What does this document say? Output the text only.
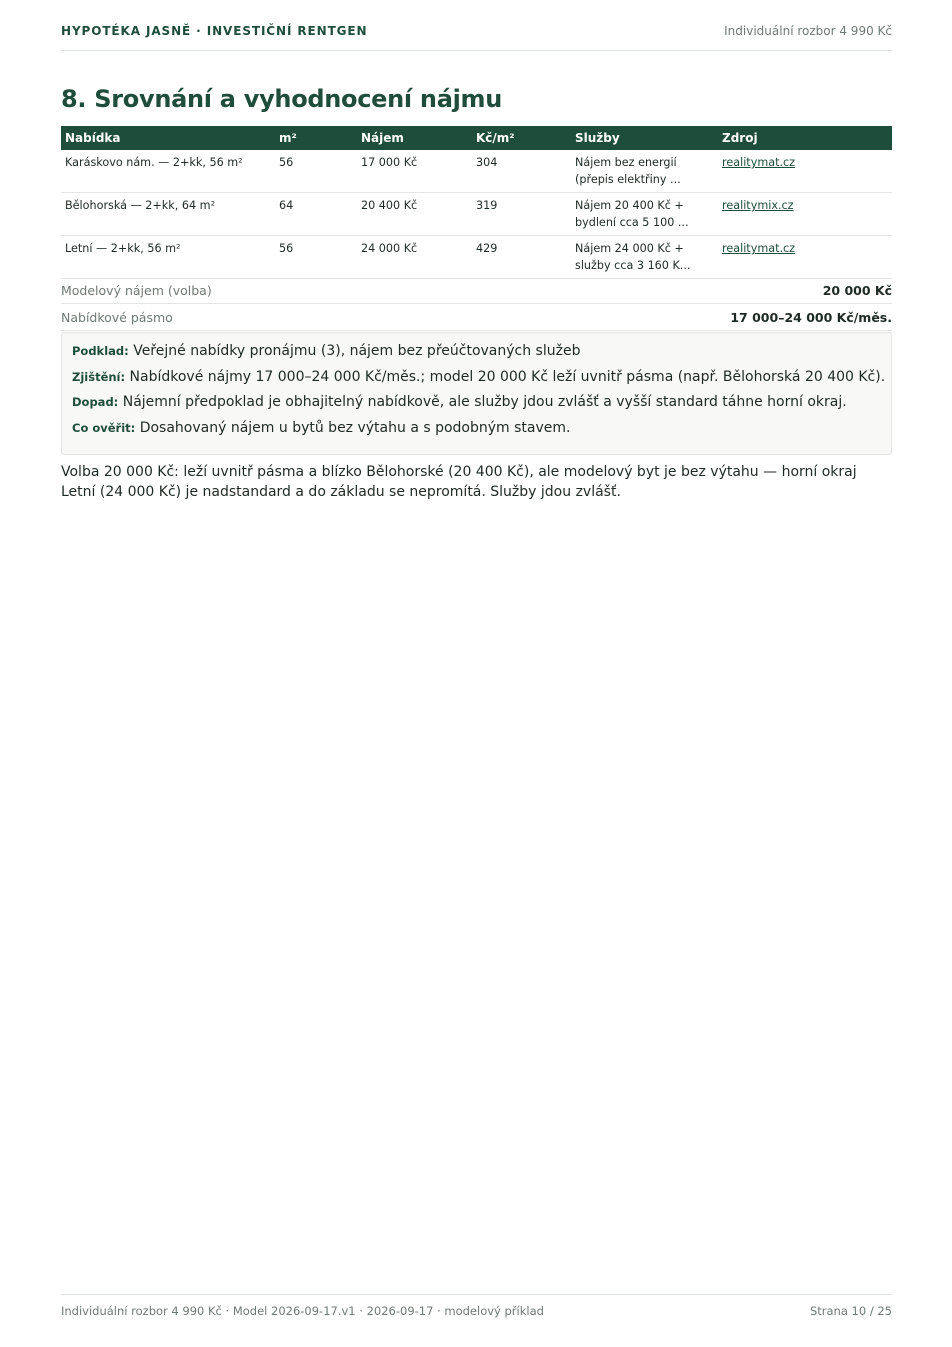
HYPOTÉKA JASNĚ · INVESTIČNÍ RENTGEN	Individuální rozbor 4 990 Kč
8. Srovnání a vyhodnocení nájmu
Nabídka	m²	Nájem	Kč/m²	Služby	Zdroj

Karáskovo nám. — 2+kk, 56 m²	56	17 000 Kč	304	Nájem bez energií (přepis elektřiny ...	realitymat.cz

Bělohorská — 2+kk, 64 m²	64	20 400 Kč	319	Nájem 20 400 Kč + bydlení cca 5 100 ...	realitymix.cz

Letní — 2+kk, 56 m²	56	24 000 Kč	429	Nájem 24 000 Kč + služby cca 3 160 K...	realitymat.cz
Modelový nájem (volba)	20 000 Kč
Nabídkové pásmo	17 000–24 000 Kč/měs.
Podklad: Veřejné nabídky pronájmu (3), nájem bez přeúčtovaných služeb
Zjištění: Nabídkové nájmy 17 000–24 000 Kč/měs.; model 20 000 Kč leží uvnitř pásma (např. Bělohorská 20 400 Kč).
Dopad: Nájemní předpoklad je obhajitelný nabídkově, ale služby jdou zvlášť a vyšší standard táhne horní okraj.
Co ověřit: Dosahovaný nájem u bytů bez výtahu a s podobným stavem.

Volba 20 000 Kč: leží uvnitř pásma a blízko Bělohorské (20 400 Kč), ale modelový byt je bez výtahu — horní okraj Letní (24 000 Kč) je nadstandard a do základu se nepromítá. Služby jdou zvlášť.

Individuální rozbor 4 990 Kč · Model 2026-09-17.v1 · 2026-09-17 · modelový příklad	Strana 10 / 25
